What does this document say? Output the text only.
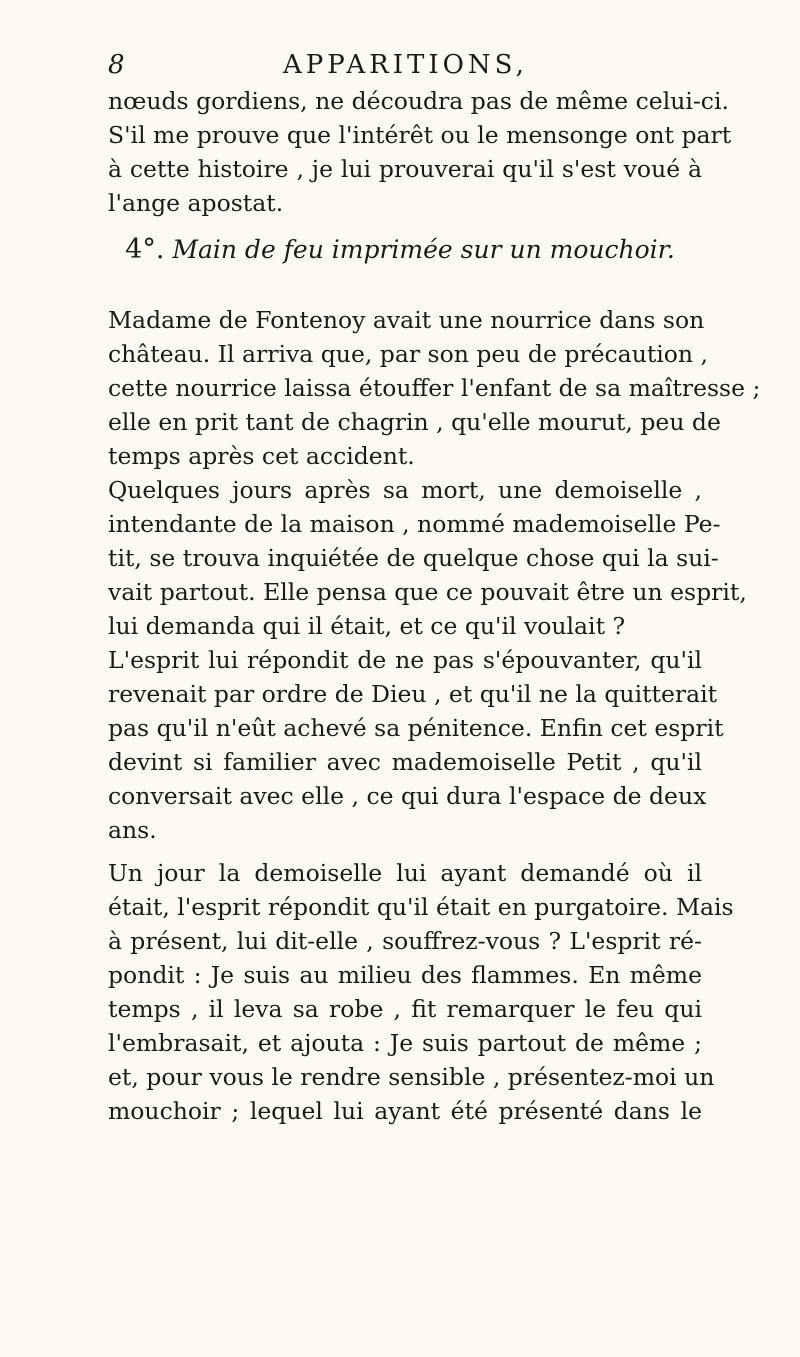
8	APPARITIONS,
nœuds gordiens, ne découdra pas de même celui-ci.
S'il me prouve que l'intérêt ou le mensonge ont part
à cette histoire , je lui prouverai qu'il s'est voué à
l'ange apostat.
4°. Main de feu imprimée sur un mouchoir.
Madame de Fontenoy avait une nourrice dans son
château. Il arriva que, par son peu de précaution ,
cette nourrice laissa étouffer l'enfant de sa maîtresse ;
elle en prit tant de chagrin , qu'elle mourut, peu de
temps après cet accident.
Quelques jours après sa mort, une demoiselle ,
intendante de la maison , nommé mademoiselle Pe-
tit, se trouva inquiétée de quelque chose qui la sui-
vait partout. Elle pensa que ce pouvait être un esprit,
lui demanda qui il était, et ce qu'il voulait ?
L'esprit lui répondit de ne pas s'épouvanter, qu'il
revenait par ordre de Dieu , et qu'il ne la quitterait
pas qu'il n'eût achevé sa pénitence. Enfin cet esprit
devint si familier avec mademoiselle Petit , qu'il
conversait avec elle , ce qui dura l'espace de deux
ans.
Un jour la demoiselle lui ayant demandé où il
était, l'esprit répondit qu'il était en purgatoire. Mais
à présent, lui dit-elle , souffrez-vous ? L'esprit ré-
pondit : Je suis au milieu des flammes. En même
temps , il leva sa robe , fit remarquer le feu qui
l'embrasait, et ajouta : Je suis partout de même ;
et, pour vous le rendre sensible , présentez-moi un
mouchoir ; lequel lui ayant été présenté dans le
